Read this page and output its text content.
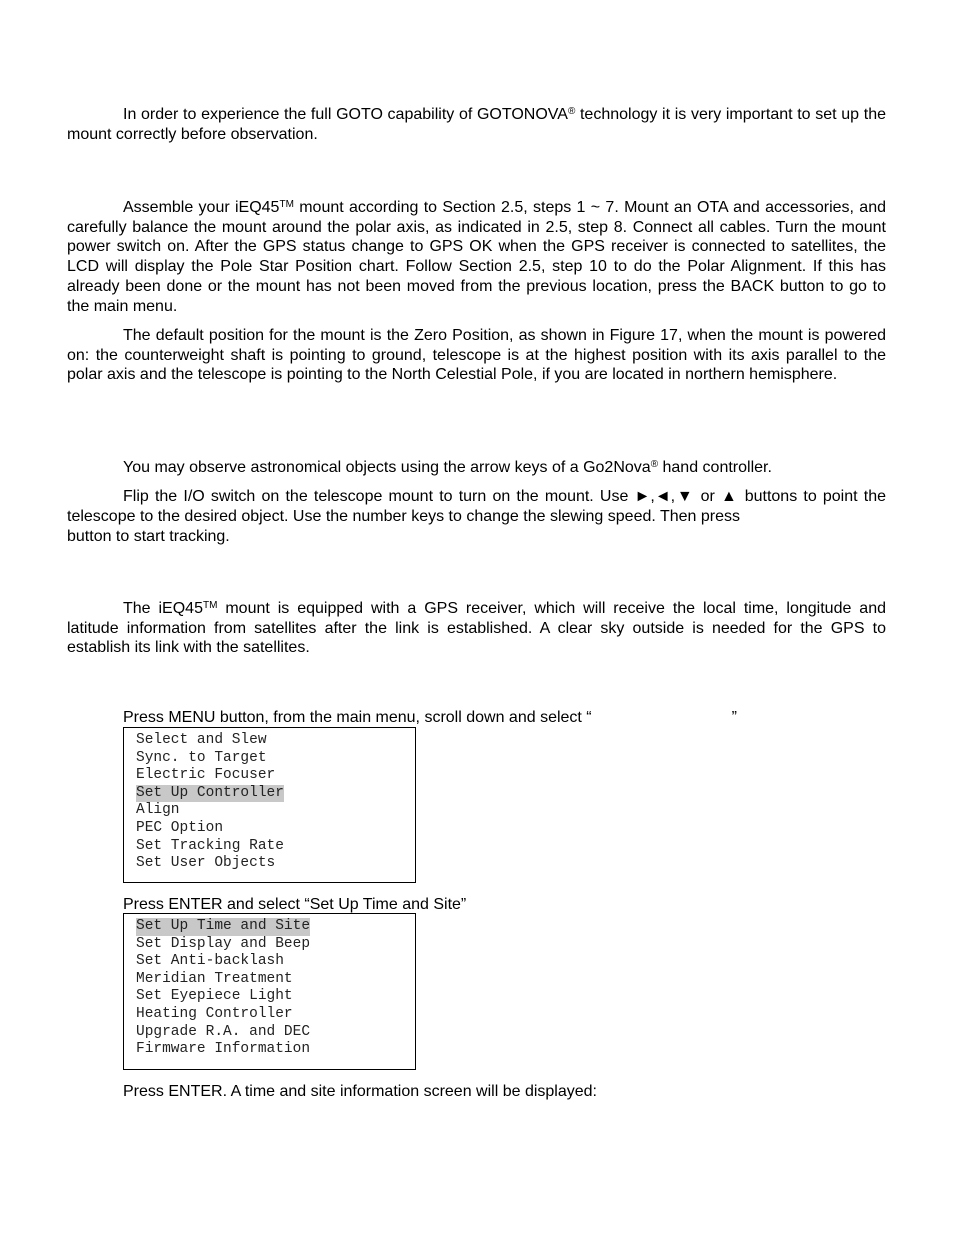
In order to experience the full GOTO capability of GOTONOVA® technology it is very important to set up the mount correctly before observation.

Assemble your iEQ45™ mount according to Section 2.5, steps 1 ~ 7. Mount an OTA and accessories, and carefully balance the mount around the polar axis, as indicated in 2.5, step 8. Connect all cables. Turn the mount power switch on. After the GPS status change to GPS OK when the GPS receiver is connected to satellites, the LCD will display the Pole Star Position chart. Follow Section 2.5, step 10 to do the Polar Alignment. If this has already been done or the mount has not been moved from the previous location, press the BACK button to go to the main menu.

The default position for the mount is the Zero Position, as shown in Figure 17, when the mount is powered on: the counterweight shaft is pointing to ground, telescope is at the highest position with its axis parallel to the polar axis and the telescope is pointing to the North Celestial Pole, if you are located in northern hemisphere.

You may observe astronomical objects using the arrow keys of a Go2Nova® hand controller.

Flip the I/O switch on the telescope mount to turn on the mount. Use ►,◄,▼ or ▲ buttons to point the telescope to the desired object. Use the number keys to change the slewing speed. Then press

button to start tracking.

The iEQ45™ mount is equipped with a GPS receiver, which will receive the local time, longitude and latitude information from satellites after the link is established. A clear sky outside is needed for the GPS to establish its link with the satellites.

Press MENU button, from the main menu, scroll down and select “	”

Select and Slew
Sync. to Target
Electric Focuser
Set Up Controller
Align
PEC Option
Set Tracking Rate
Set User Objects

Press ENTER and select “Set Up Time and Site”

Set Up Time and Site
Set Display and Beep
Set Anti-backlash
Meridian Treatment
Set Eyepiece Light
Heating Controller
Upgrade R.A. and DEC
Firmware Information

Press ENTER. A time and site information screen will be displayed:
